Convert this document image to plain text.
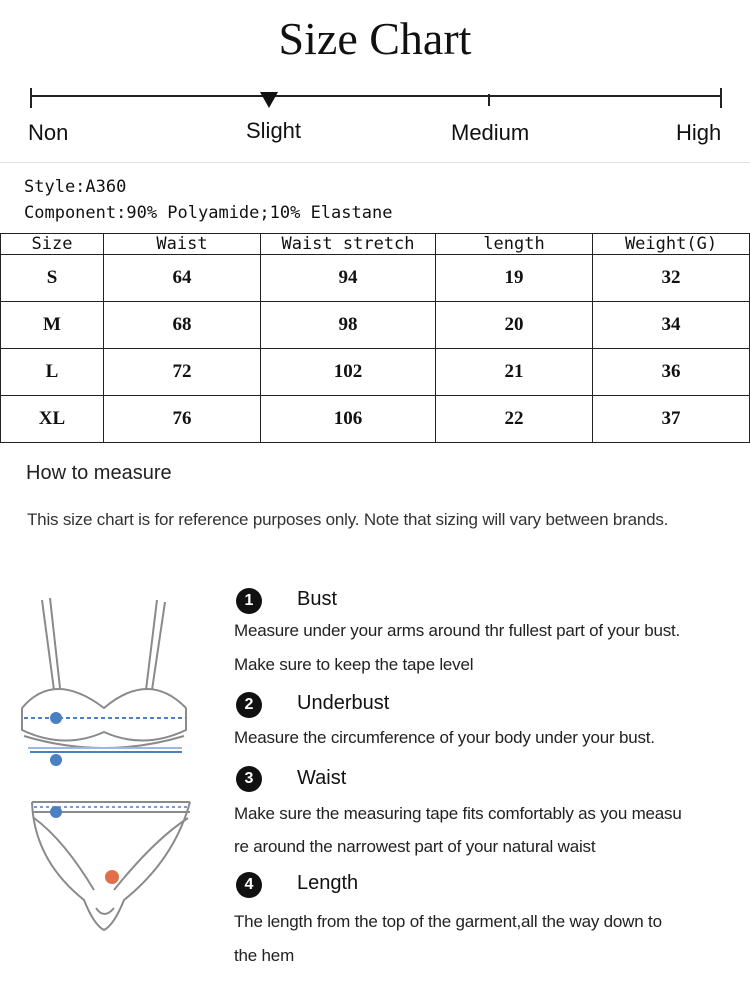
Size Chart
Non	Slight	Medium	High
Style:A360
Component:90% Polyamide;10% Elastane
Size	Waist	Waist stretch	length	Weight(G)
S	64	94	19	32
M	68	98	20	34
L	72	102	21	36
XL	76	106	22	37
How to measure
This size chart is for reference purposes only. Note that sizing will vary between brands.
1	Bust
Measure under your arms around thr fullest part of your bust.
Make sure to keep the tape level
2	Underbust
Measure the circumference of your body under your bust.
3	Waist
Make sure the measuring tape fits comfortably as you measu
re around the narrowest part of your natural waist
4	Length
The length from the top of the garment,all the way down to
the hem
